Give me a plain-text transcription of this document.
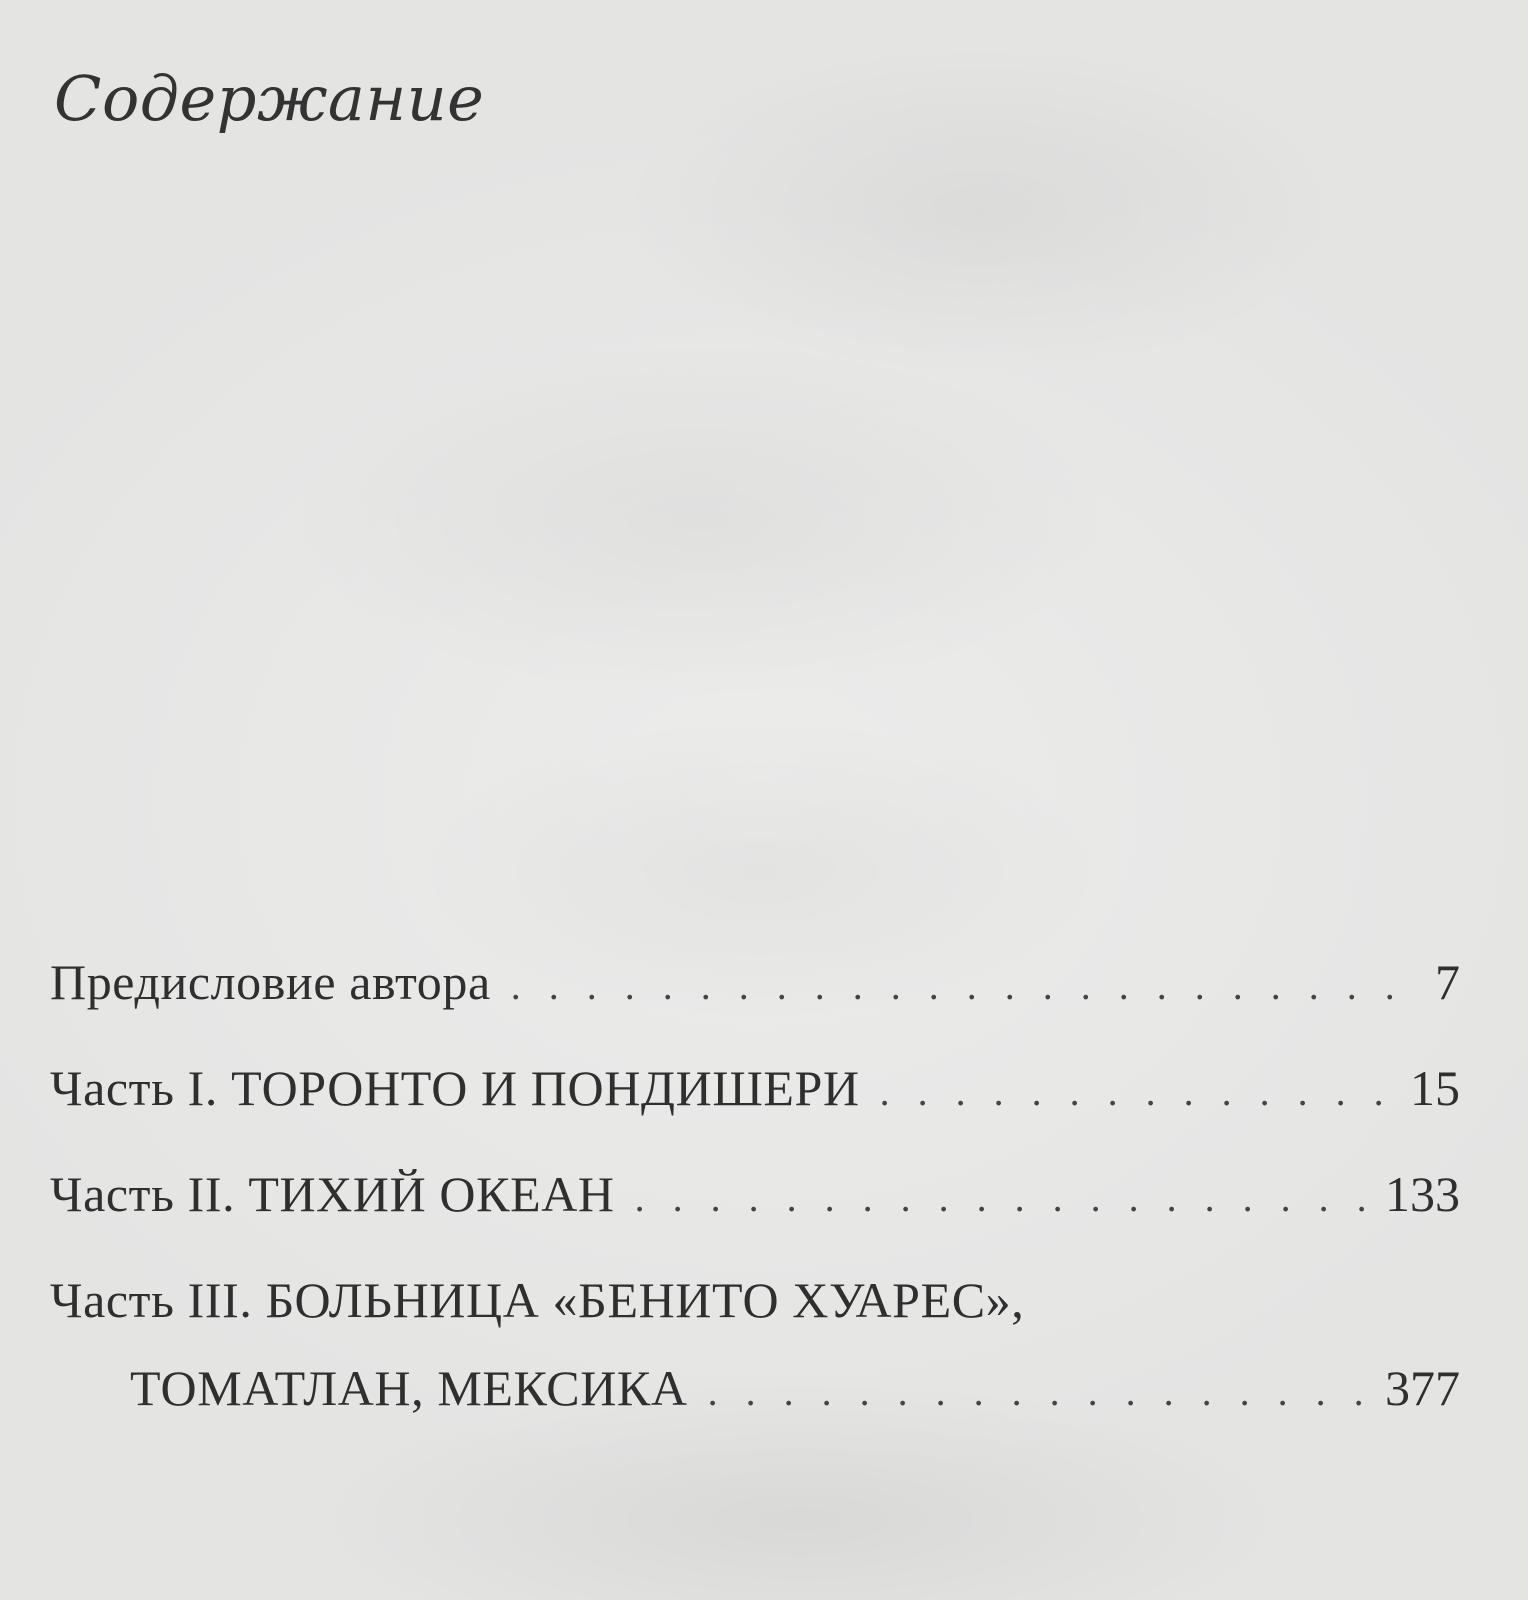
Содержание
Предисловие автора . . .	7
Часть I. ТОРОНТО И ПОНДИШЕРИ . . .	15
Часть II. ТИХИЙ ОКЕАН . . .	133
Часть III. БОЛЬНИЦА «БЕНИТО ХУАРЕС»,
ТОМАТЛАН, МЕКСИКА . . .	377
